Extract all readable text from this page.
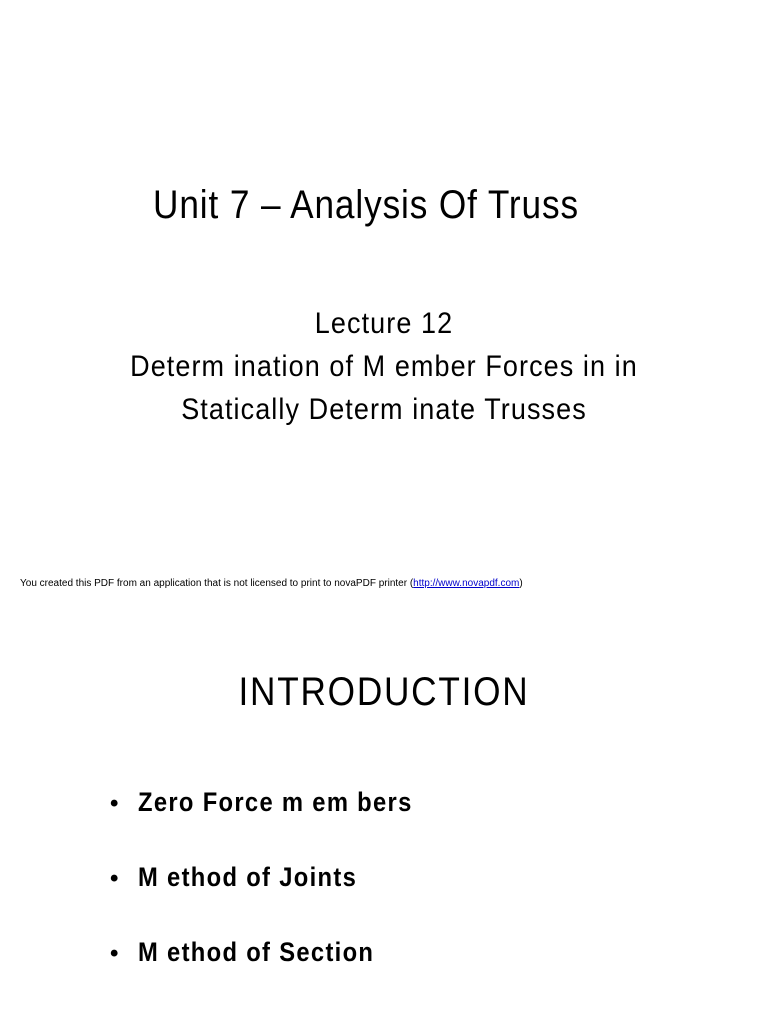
Unit 7 – Analysis Of Truss
Lecture 12
Determ ination of M ember Forces in in
Statically Determ inate Trusses
You created this PDF from an application that is not licensed to print to novaPDF printer (http://www.novapdf.com)
INTRODUCTION
• Zero Force m em bers
• M ethod of Joints
• M ethod of Section
